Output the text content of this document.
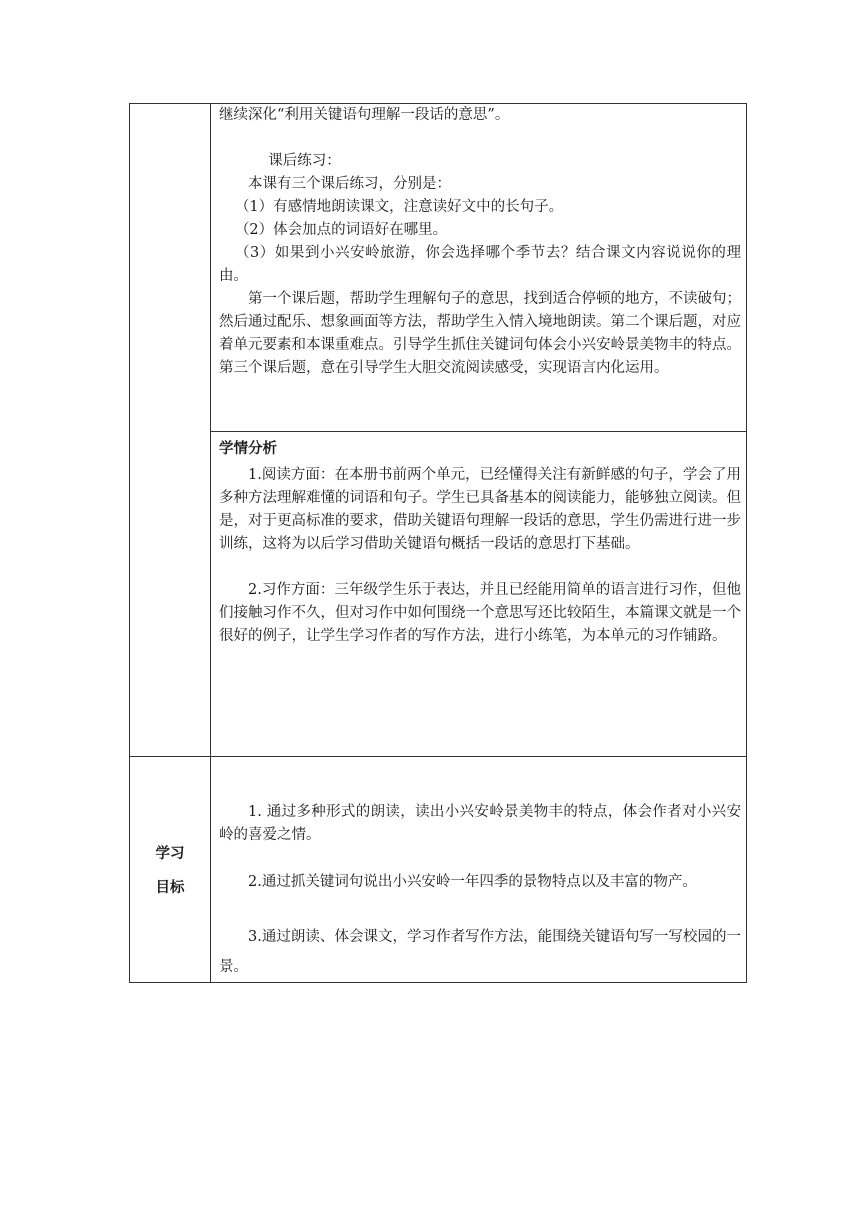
继续深化“利用关键语句理解一段话的意思”。

课后练习：

本课有三个课后练习，分别是：

（1）有感情地朗读课文，注意读好文中的长句子。

（2）体会加点的词语好在哪里。

（3）如果到小兴安岭旅游，你会选择哪个季节去？结合课文内容说说你的理由。

第一个课后题，帮助学生理解句子的意思，找到适合停顿的地方，不读破句；然后通过配乐、想象画面等方法，帮助学生入情入境地朗读。第二个课后题，对应着单元要素和本课重难点。引导学生抓住关键词句体会小兴安岭景美物丰的特点。第三个课后题，意在引导学生大胆交流阅读感受，实现语言内化运用。

学情分析

1.阅读方面：在本册书前两个单元，已经懂得关注有新鲜感的句子，学会了用多种方法理解难懂的词语和句子。学生已具备基本的阅读能力，能够独立阅读。但是，对于更高标准的要求，借助关键语句理解一段话的意思，学生仍需进行进一步训练，这将为以后学习借助关键语句概括一段话的意思打下基础。

2.习作方面：三年级学生乐于表达，并且已经能用简单的语言进行习作，但他们接触习作不久，但对习作中如何围绕一个意思写还比较陌生，本篇课文就是一个很好的例子，让学生学习作者的写作方法，进行小练笔，为本单元的习作铺路。

学习
目标

1. 通过多种形式的朗读，读出小兴安岭景美物丰的特点，体会作者对小兴安岭的喜爱之情。

2.通过抓关键词句说出小兴安岭一年四季的景物特点以及丰富的物产。

3.通过朗读、体会课文，学习作者写作方法，能围绕关键语句写一写校园的一景。
